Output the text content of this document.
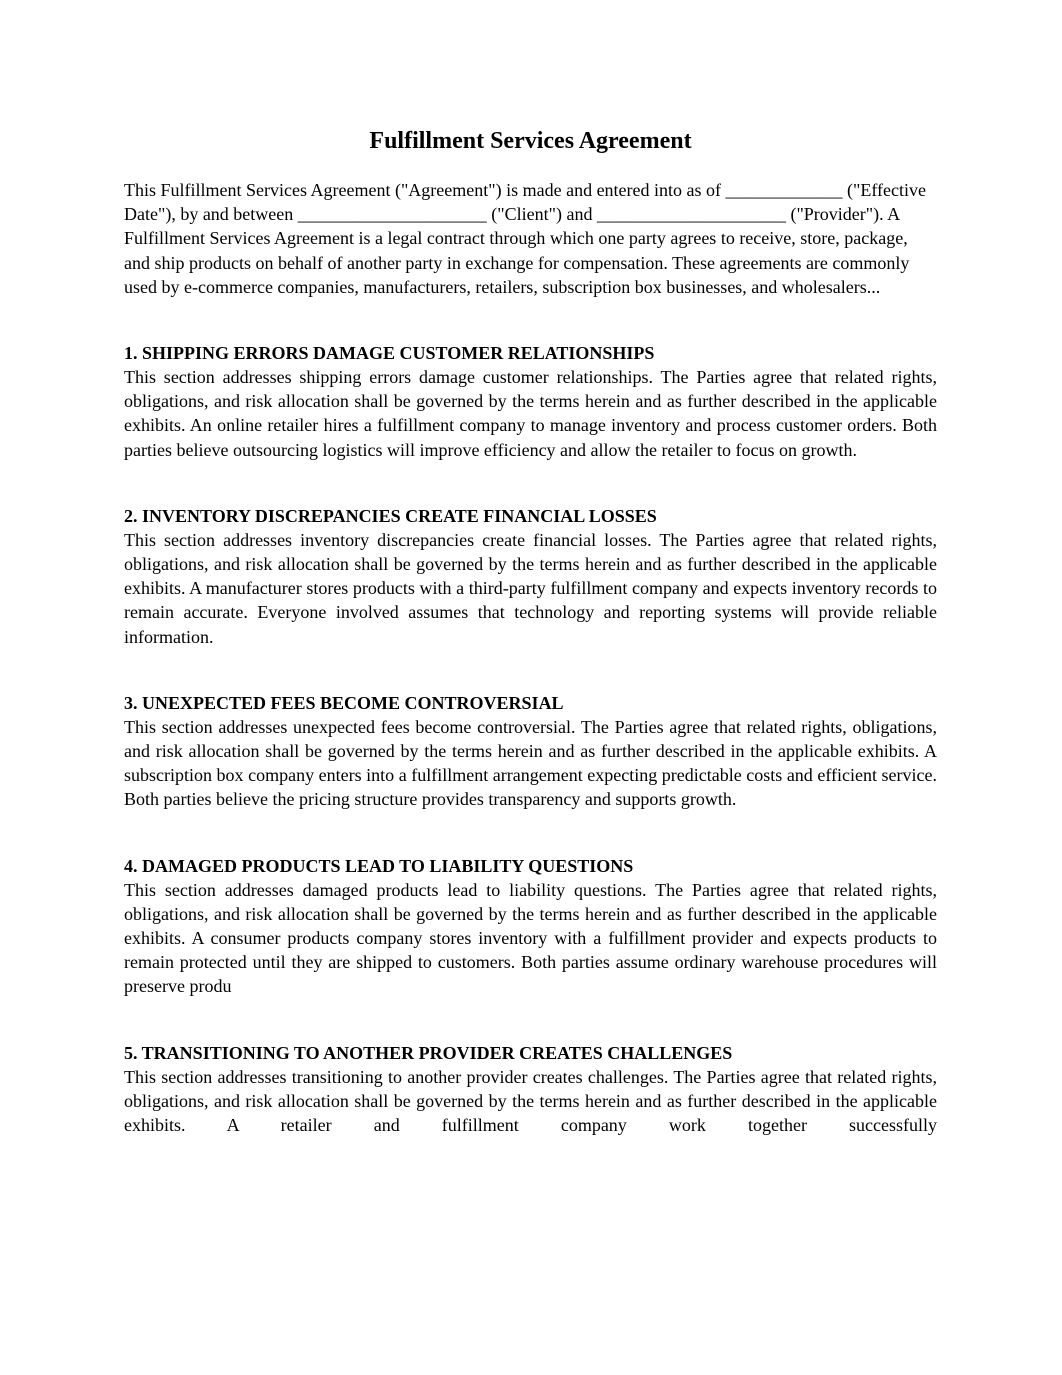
Fulfillment Services Agreement

This Fulfillment Services Agreement ("Agreement") is made and entered into as of _____________ ("Effective Date"), by and between _____________________ ("Client") and _____________________ ("Provider"). A Fulfillment Services Agreement is a legal contract through which one party agrees to receive, store, package, and ship products on behalf of another party in exchange for compensation. These agreements are commonly used by e-commerce companies, manufacturers, retailers, subscription box businesses, and wholesalers...

1. SHIPPING ERRORS DAMAGE CUSTOMER RELATIONSHIPS

This section addresses shipping errors damage customer relationships. The Parties agree that related rights, obligations, and risk allocation shall be governed by the terms herein and as further described in the applicable exhibits. An online retailer hires a fulfillment company to manage inventory and process customer orders. Both parties believe outsourcing logistics will improve efficiency and allow the retailer to focus on growth.

2. INVENTORY DISCREPANCIES CREATE FINANCIAL LOSSES

This section addresses inventory discrepancies create financial losses. The Parties agree that related rights, obligations, and risk allocation shall be governed by the terms herein and as further described in the applicable exhibits. A manufacturer stores products with a third-party fulfillment company and expects inventory records to remain accurate. Everyone involved assumes that technology and reporting systems will provide reliable information.

3. UNEXPECTED FEES BECOME CONTROVERSIAL

This section addresses unexpected fees become controversial. The Parties agree that related rights, obligations, and risk allocation shall be governed by the terms herein and as further described in the applicable exhibits. A subscription box company enters into a fulfillment arrangement expecting predictable costs and efficient service. Both parties believe the pricing structure provides transparency and supports growth.

4. DAMAGED PRODUCTS LEAD TO LIABILITY QUESTIONS

This section addresses damaged products lead to liability questions. The Parties agree that related rights, obligations, and risk allocation shall be governed by the terms herein and as further described in the applicable exhibits. A consumer products company stores inventory with a fulfillment provider and expects products to remain protected until they are shipped to customers. Both parties assume ordinary warehouse procedures will preserve produ

5. TRANSITIONING TO ANOTHER PROVIDER CREATES CHALLENGES

This section addresses transitioning to another provider creates challenges. The Parties agree that related rights, obligations, and risk allocation shall be governed by the terms herein and as further described in the applicable exhibits. A retailer and fulfillment company work together successfully
